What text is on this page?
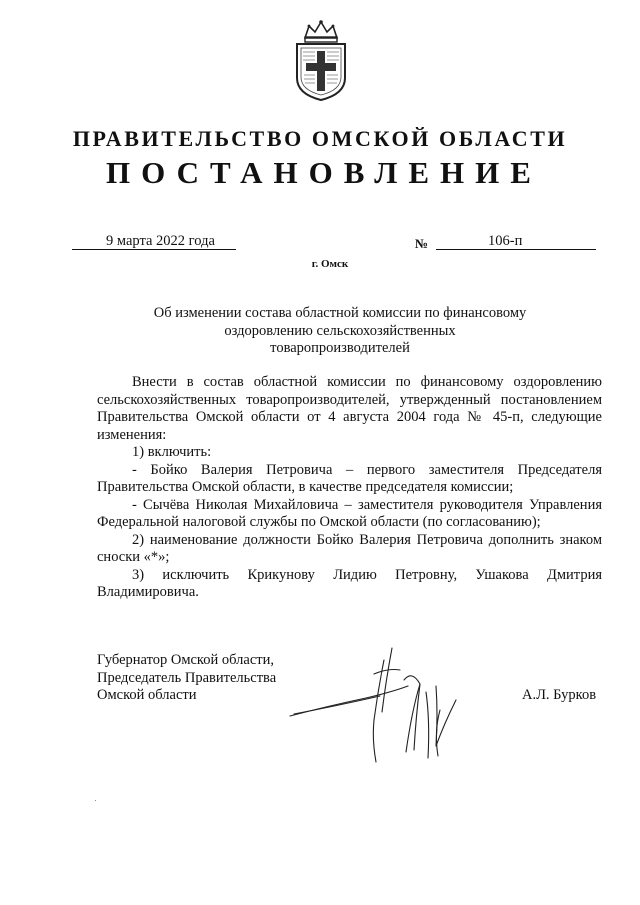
ПРАВИТЕЛЬСТВО ОМСКОЙ ОБЛАСТИ
ПОСТАНОВЛЕНИЕ
9 марта 2022 года	№	106-п
г. Омск
Об изменении состава областной комиссии по финансовому
оздоровлению сельскохозяйственных
товаропроизводителей

Внести в состав областной комиссии по финансовому оздоровлению сельскохозяйственных товаропроизводителей, утвержденный постановлением Правительства Омской области от 4 августа 2004 года № 45-п, следующие изменения:

1) включить:

- Бойко Валерия Петровича – первого заместителя Председателя Правительства Омской области, в качестве председателя комиссии;

- Сычёва Николая Михайловича – заместителя руководителя Управления Федеральной налоговой службы по Омской области (по согласованию);

2) наименование должности Бойко Валерия Петровича дополнить знаком сноски «*»;

3) исключить Крикунову Лидию Петровну, Ушакова Дмитрия Владимировича.

Губернатор Омской области,
Председатель Правительства
Омской области	А.Л. Бурков
